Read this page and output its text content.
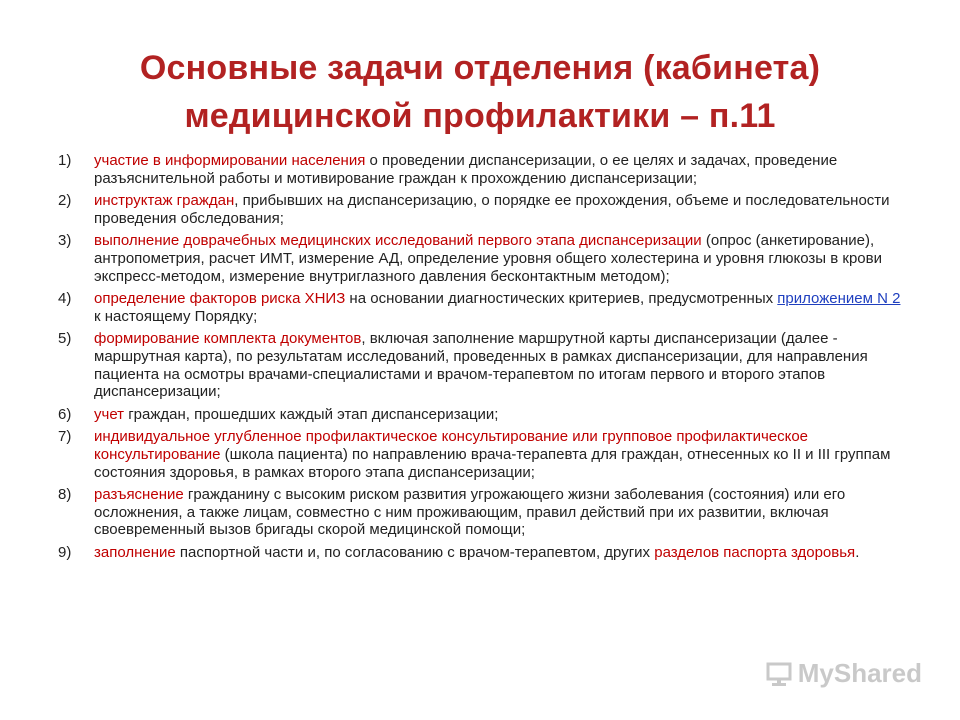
Основные задачи отделения (кабинета)
медицинской профилактики – п.11
1)	участие в информировании населения о проведении диспансеризации, о ее целях и задачах, проведение разъяснительной работы и мотивирование граждан к прохождению диспансеризации;
2)	инструктаж граждан, прибывших на диспансеризацию, о порядке ее прохождения, объеме и последовательности проведения обследования;
3)	выполнение доврачебных медицинских исследований первого этапа диспансеризации (опрос (анкетирование), антропометрия, расчет ИМТ, измерение АД, определение уровня общего холестерина и уровня глюкозы в крови экспресс-методом, измерение внутриглазного давления бесконтактным методом);
4)	определение факторов риска ХНИЗ на основании диагностических критериев, предусмотренных приложением N 2 к настоящему Порядку;
5)	формирование комплекта документов, включая заполнение маршрутной карты диспансеризации (далее - маршрутная карта), по результатам исследований, проведенных в рамках диспансеризации, для направления пациента на осмотры врачами-специалистами и врачом-терапевтом по итогам первого и второго этапов диспансеризации;
6)	учет граждан, прошедших каждый этап диспансеризации;
7)	индивидуальное углубленное профилактическое консультирование или групповое профилактическое консультирование (школа пациента) по направлению врача-терапевта для граждан, отнесенных ко II и III группам состояния здоровья, в рамках второго этапа диспансеризации;
8)	разъяснение гражданину с высоким риском развития угрожающего жизни заболевания (состояния) или его осложнения, а также лицам, совместно с ним проживающим, правил действий при их развитии, включая своевременный вызов бригады скорой медицинской помощи;
9)	заполнение паспортной части и, по согласованию с врачом-терапевтом, других разделов паспорта здоровья.
MyShared
